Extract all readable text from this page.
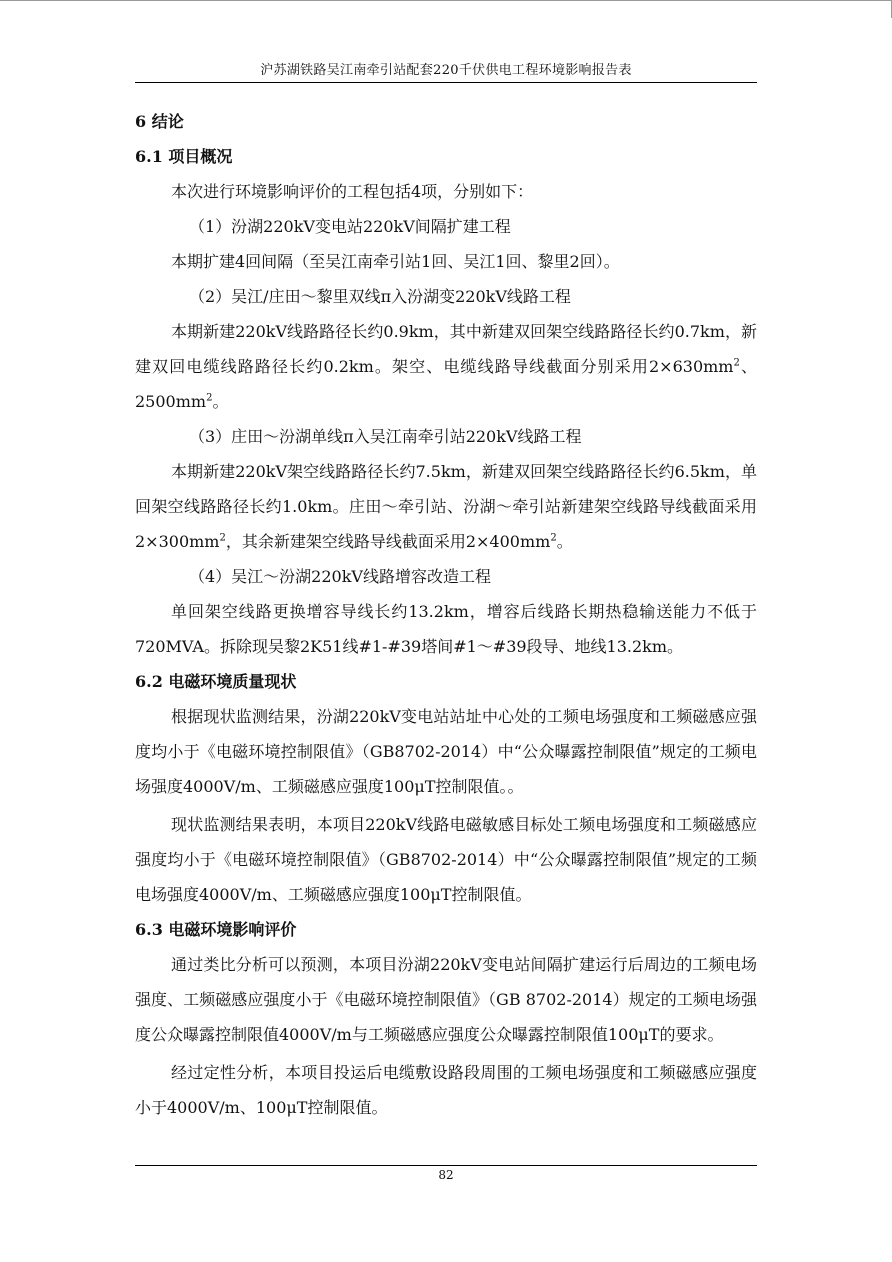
沪苏湖铁路吴江南牵引站配套220千伏供电工程环境影响报告表
6 结论
6.1 项目概况

本次进行环境影响评价的工程包括4项，分别如下：

（1）汾湖220kV变电站220kV间隔扩建工程

本期扩建4回间隔（至吴江南牵引站1回、吴江1回、黎里2回）。

（2）吴江/庄田～黎里双线π入汾湖变220kV线路工程

本期新建220kV线路路径长约0.9km，其中新建双回架空线路路径长约0.7km，新建双回电缆线路路径长约0.2km。架空、电缆线路导线截面分别采用$2\times 630mm^2$、$2500mm^2$。

（3）庄田～汾湖单线π入吴江南牵引站220kV线路工程

本期新建220kV架空线路路径长约7.5km，新建双回架空线路路径长约6.5km，单回架空线路路径长约1.0km。庄田～牵引站、汾湖～牵引站新建架空线路导线截面采用$2\times 300mm^2$，其余新建架空线路导线截面采用$2\times 400mm^2$。

（4）吴江～汾湖220kV线路增容改造工程

单回架空线路更换增容导线长约13.2km，增容后线路长期热稳输送能力不低于720MVA。拆除现吴黎2K51线#1-#39塔间#1～#39段导、地线13.2km。

6.2 电磁环境质量现状

根据现状监测结果，汾湖220kV变电站站址中心处的工频电场强度和工频磁感应强度均小于《电磁环境控制限值》（GB8702-2014）中“公众曝露控制限值”规定的工频电场强度4000V/m、工频磁感应强度100μT控制限值。。

现状监测结果表明，本项目220kV线路电磁敏感目标处工频电场强度和工频磁感应强度均小于《电磁环境控制限值》（GB8702-2014）中“公众曝露控制限值”规定的工频电场强度4000V/m、工频磁感应强度100μT控制限值。

6.3 电磁环境影响评价

通过类比分析可以预测，本项目汾湖220kV变电站间隔扩建运行后周边的工频电场强度、工频磁感应强度小于《电磁环境控制限值》（GB 8702-2014）规定的工频电场强度公众曝露控制限值4000V/m与工频磁感应强度公众曝露控制限值100μT的要求。

经过定性分析，本项目投运后电缆敷设路段周围的工频电场强度和工频磁感应强度小于4000V/m、100μT控制限值。

82
